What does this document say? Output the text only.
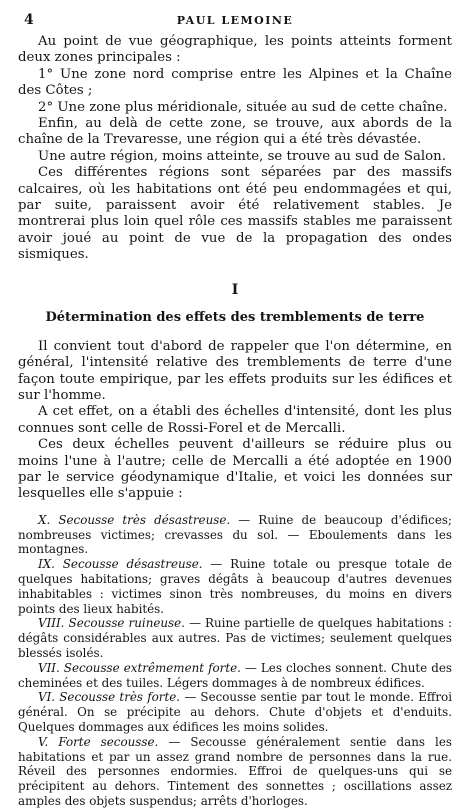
4	PAUL LEMOINE

Au point de vue géographique, les points atteints forment deux zones principales :

1° Une zone nord comprise entre les Alpines et la Chaîne des Côtes ;

2° Une zone plus méridionale, située au sud de cette chaîne.

Enfin, au delà de cette zone, se trouve, aux abords de la chaîne de la Trevaresse, une région qui a été très dévastée.

Une autre région, moins atteinte, se trouve au sud de Salon.

Ces différentes régions sont séparées par des massifs calcaires, où les habitations ont été peu endommagées et qui, par suite, paraissent avoir été relativement stables. Je montrerai plus loin quel rôle ces massifs stables me paraissent avoir joué au point de vue de la propagation des ondes sismiques.

I
Détermination des effets des tremblements de terre

Il convient tout d'abord de rappeler que l'on détermine, en général, l'intensité relative des tremblements de terre d'une façon toute empirique, par les effets produits sur les édifices et sur l'homme.

A cet effet, on a établi des échelles d'intensité, dont les plus connues sont celle de Rossi-Forel et de Mercalli.

Ces deux échelles peuvent d'ailleurs se réduire plus ou moins l'une à l'autre; celle de Mercalli a été adoptée en 1900 par le service géodynamique d'Italie, et voici les données sur lesquelles elle s'appuie :

X. Secousse très désastreuse. — Ruine de beaucoup d'édifices; nombreuses victimes; crevasses du sol. — Eboulements dans les montagnes.

IX. Secousse désastreuse. — Ruine totale ou presque totale de quelques habitations; graves dégâts à beaucoup d'autres devenues inhabitables : victimes sinon très nombreuses, du moins en divers points des lieux habités.

VIII. Secousse ruineuse. — Ruine partielle de quelques habitations : dégâts considérables aux autres. Pas de victimes; seulement quelques blessés isolés.

VII. Secousse extrêmement forte. — Les cloches sonnent. Chute des cheminées et des tuiles. Légers dommages à de nombreux édifices.

VI. Secousse très forte. — Secousse sentie par tout le monde. Effroi général. On se précipite au dehors. Chute d'objets et d'enduits. Quelques dommages aux édifices les moins solides.

V. Forte secousse. — Secousse généralement sentie dans les habitations et par un assez grand nombre de personnes dans la rue. Réveil des personnes endormies. Effroi de quelques-uns qui se précipitent au dehors. Tintement des sonnettes ; oscillations assez amples des objets suspendus; arrêts d'horloges.
